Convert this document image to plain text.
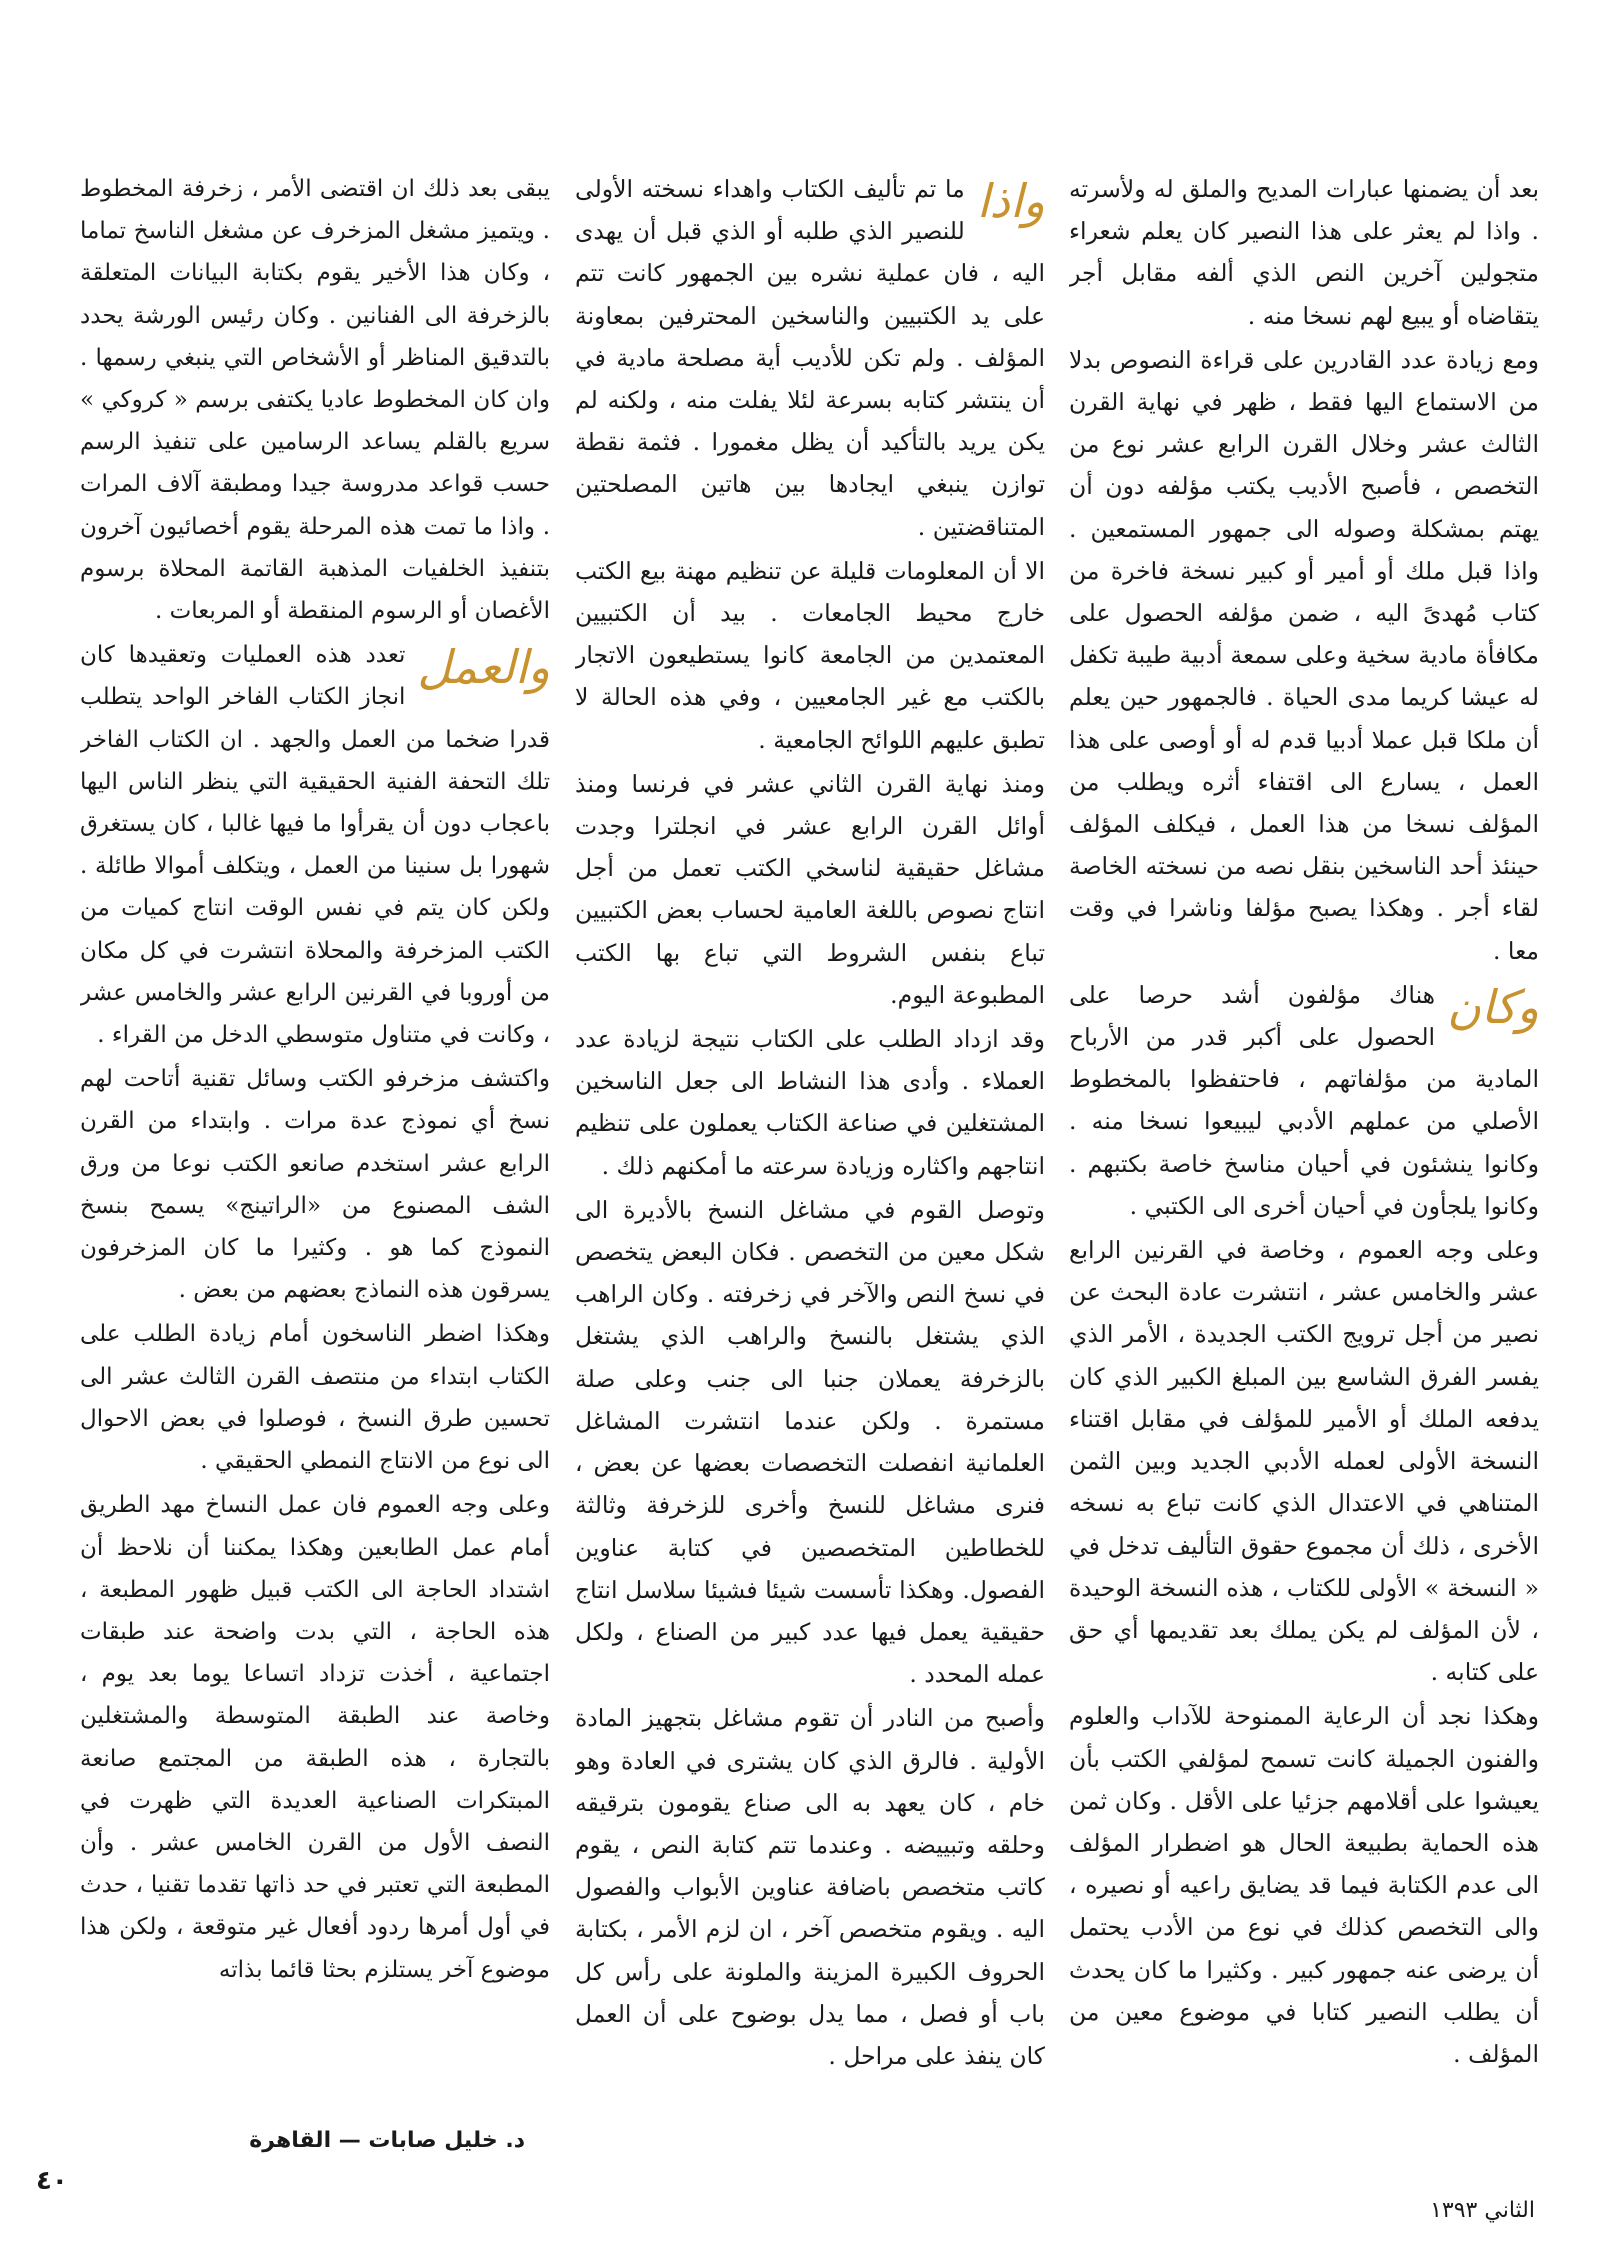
بعد أن يضمنها عبارات المديح والملق له ولأسرته . واذا لم يعثر على هذا النصير كان يعلم شعراء متجولين آخرين النص الذي ألفه مقابل أجر يتقاضاه أو يبيع لهم نسخا منه .

ومع زيادة عدد القادرين على قراءة النصوص بدلا من الاستماع اليها فقط ، ظهر في نهاية القرن الثالث عشر وخلال القرن الرابع عشر نوع من التخصص ، فأصبح الأديب يكتب مؤلفه دون أن يهتم بمشكلة وصوله الى جمهور المستمعين . واذا قبل ملك أو أمير أو كبير نسخة فاخرة من كتاب مُهدىً اليه ، ضمن مؤلفه الحصول على مكافأة مادية سخية وعلى سمعة أدبية طيبة تكفل له عيشا كريما مدى الحياة . فالجمهور حين يعلم أن ملكا قبل عملا أدبيا قدم له أو أوصى على هذا العمل ، يسارع الى اقتفاء أثره ويطلب من المؤلف نسخا من هذا العمل ، فيكلف المؤلف حينئذ أحد الناسخين بنقل نصه من نسخته الخاصة لقاء أجر . وهكذا يصبح مؤلفا وناشرا في وقت معا .

وكان
هناك مؤلفون أشد حرصا على الحصول على أكبر قدر من الأرباح المادية من مؤلفاتهم ، فاحتفظوا بالمخطوط الأصلي من عملهم الأدبي ليبيعوا نسخا منه . وكانوا ينشئون في أحيان مناسخ خاصة بكتبهم . وكانوا يلجأون في أحيان أخرى الى الكتبي .

وعلى وجه العموم ، وخاصة في القرنين الرابع عشر والخامس عشر ، انتشرت عادة البحث عن نصير من أجل ترويج الكتب الجديدة ، الأمر الذي يفسر الفرق الشاسع بين المبلغ الكبير الذي كان يدفعه الملك أو الأمير للمؤلف في مقابل اقتناء النسخة الأولى لعمله الأدبي الجديد وبين الثمن المتناهي في الاعتدال الذي كانت تباع به نسخه الأخرى ، ذلك أن مجموع حقوق التأليف تدخل في « النسخة » الأولى للكتاب ، هذه النسخة الوحيدة ، لأن المؤلف لم يكن يملك بعد تقديمها أي حق على كتابه .

وهكذا نجد أن الرعاية الممنوحة للآداب والعلوم والفنون الجميلة كانت تسمح لمؤلفي الكتب بأن يعيشوا على أقلامهم جزئيا على الأقل . وكان ثمن هذه الحماية بطبيعة الحال هو اضطرار المؤلف الى عدم الكتابة فيما قد يضايق راعيه أو نصيره ، والى التخصص كذلك في نوع من الأدب يحتمل أن يرضى عنه جمهور كبير . وكثيرا ما كان يحدث أن يطلب النصير كتابا في موضوع معين من المؤلف .

واذا
ما تم تأليف الكتاب واهداء نسخته الأولى للنصير الذي طلبه أو الذي قبل أن يهدى اليه ، فان عملية نشره بين الجمهور كانت تتم على يد الكتبيين والناسخين المحترفين بمعاونة المؤلف . ولم تكن للأديب أية مصلحة مادية في أن ينتشر كتابه بسرعة لئلا يفلت منه ، ولكنه لم يكن يريد بالتأكيد أن يظل مغمورا . فثمة نقطة توازن ينبغي ايجادها بين هاتين المصلحتين المتناقضتين .

الا أن المعلومات قليلة عن تنظيم مهنة بيع الكتب خارج محيط الجامعات . بيد أن الكتبيين المعتمدين من الجامعة كانوا يستطيعون الاتجار بالكتب مع غير الجامعيين ، وفي هذه الحالة لا تطبق عليهم اللوائح الجامعية .

ومنذ نهاية القرن الثاني عشر في فرنسا ومنذ أوائل القرن الرابع عشر في انجلترا وجدت مشاغل حقيقية لناسخي الكتب تعمل من أجل انتاج نصوص باللغة العامية لحساب بعض الكتبيين تباع بنفس الشروط التي تباع بها الكتب المطبوعة اليوم.

وقد ازداد الطلب على الكتاب نتيجة لزيادة عدد العملاء . وأدى هذا النشاط الى جعل الناسخين المشتغلين في صناعة الكتاب يعملون على تنظيم انتاجهم واكثاره وزيادة سرعته ما أمكنهم ذلك .

وتوصل القوم في مشاغل النسخ بالأديرة الى شكل معين من التخصص . فكان البعض يتخصص في نسخ النص والآخر في زخرفته . وكان الراهب الذي يشتغل بالنسخ والراهب الذي يشتغل بالزخرفة يعملان جنبا الى جنب وعلى صلة مستمرة . ولكن عندما انتشرت المشاغل العلمانية انفصلت التخصصات بعضها عن بعض ، فنرى مشاغل للنسخ وأخرى للزخرفة وثالثة للخطاطين المتخصصين في كتابة عناوين الفصول. وهكذا تأسست شيئا فشيئا سلاسل انتاج حقيقية يعمل فيها عدد كبير من الصناع ، ولكل عمله المحدد .

وأصبح من النادر أن تقوم مشاغل بتجهيز المادة الأولية . فالرق الذي كان يشترى في العادة وهو خام ، كان يعهد به الى صناع يقومون بترقيقه وحلقه وتبييضه . وعندما تتم كتابة النص ، يقوم كاتب متخصص باضافة عناوين الأبواب والفصول اليه . ويقوم متخصص آخر ، ان لزم الأمر ، بكتابة الحروف الكبيرة المزينة والملونة على رأس كل باب أو فصل ، مما يدل بوضوح على أن العمل كان ينفذ على مراحل .

يبقى بعد ذلك ان اقتضى الأمر ، زخرفة المخطوط . ويتميز مشغل المزخرف عن مشغل الناسخ تماما ، وكان هذا الأخير يقوم بكتابة البيانات المتعلقة بالزخرفة الى الفنانين . وكان رئيس الورشة يحدد بالتدقيق المناظر أو الأشخاص التي ينبغي رسمها . وان كان المخطوط عاديا يكتفى برسم « كروكي » سريع بالقلم يساعد الرسامين على تنفيذ الرسم حسب قواعد مدروسة جيدا ومطبقة آلاف المرات . واذا ما تمت هذه المرحلة يقوم أخصائيون آخرون بتنفيذ الخلفيات المذهبة القاتمة المحلاة برسوم الأغصان أو الرسوم المنقطة أو المربعات .

والعمل
تعدد هذه العمليات وتعقيدها كان انجاز الكتاب الفاخر الواحد يتطلب قدرا ضخما من العمل والجهد . ان الكتاب الفاخر تلك التحفة الفنية الحقيقية التي ينظر الناس اليها باعجاب دون أن يقرأوا ما فيها غالبا ، كان يستغرق شهورا بل سنينا من العمل ، ويتكلف أموالا طائلة . ولكن كان يتم في نفس الوقت انتاج كميات من الكتب المزخرفة والمحلاة انتشرت في كل مكان من أوروبا في القرنين الرابع عشر والخامس عشر ، وكانت في متناول متوسطي الدخل من القراء .

واكتشف مزخرفو الكتب وسائل تقنية أتاحت لهم نسخ أي نموذج عدة مرات . وابتداء من القرن الرابع عشر استخدم صانعو الكتب نوعا من ورق الشف المصنوع من «الراتينج» يسمح بنسخ النموذج كما هو . وكثيرا ما كان المزخرفون يسرقون هذه النماذج بعضهم من بعض .

وهكذا اضطر الناسخون أمام زيادة الطلب على الكتاب ابتداء من منتصف القرن الثالث عشر الى تحسين طرق النسخ ، فوصلوا في بعض الاحوال الى نوع من الانتاج النمطي الحقيقي .

وعلى وجه العموم فان عمل النساخ مهد الطريق أمام عمل الطابعين وهكذا يمكننا أن نلاحظ أن اشتداد الحاجة الى الكتب قبيل ظهور المطبعة ، هذه الحاجة ، التي بدت واضحة عند طبقات اجتماعية ، أخذت تزداد اتساعا يوما بعد يوم ، وخاصة عند الطبقة المتوسطة والمشتغلين بالتجارة ، هذه الطبقة من المجتمع صانعة المبتكرات الصناعية العديدة التي ظهرت في النصف الأول من القرن الخامس عشر . وأن المطبعة التي تعتبر في حد ذاتها تقدما تقنيا ، حدث في أول أمرها ردود أفعال غير متوقعة ، ولكن هذا موضوع آخر يستلزم بحثا قائما بذاته

د. خليل صابات — القاهرة
٤٠
الثاني ١٣٩٣
